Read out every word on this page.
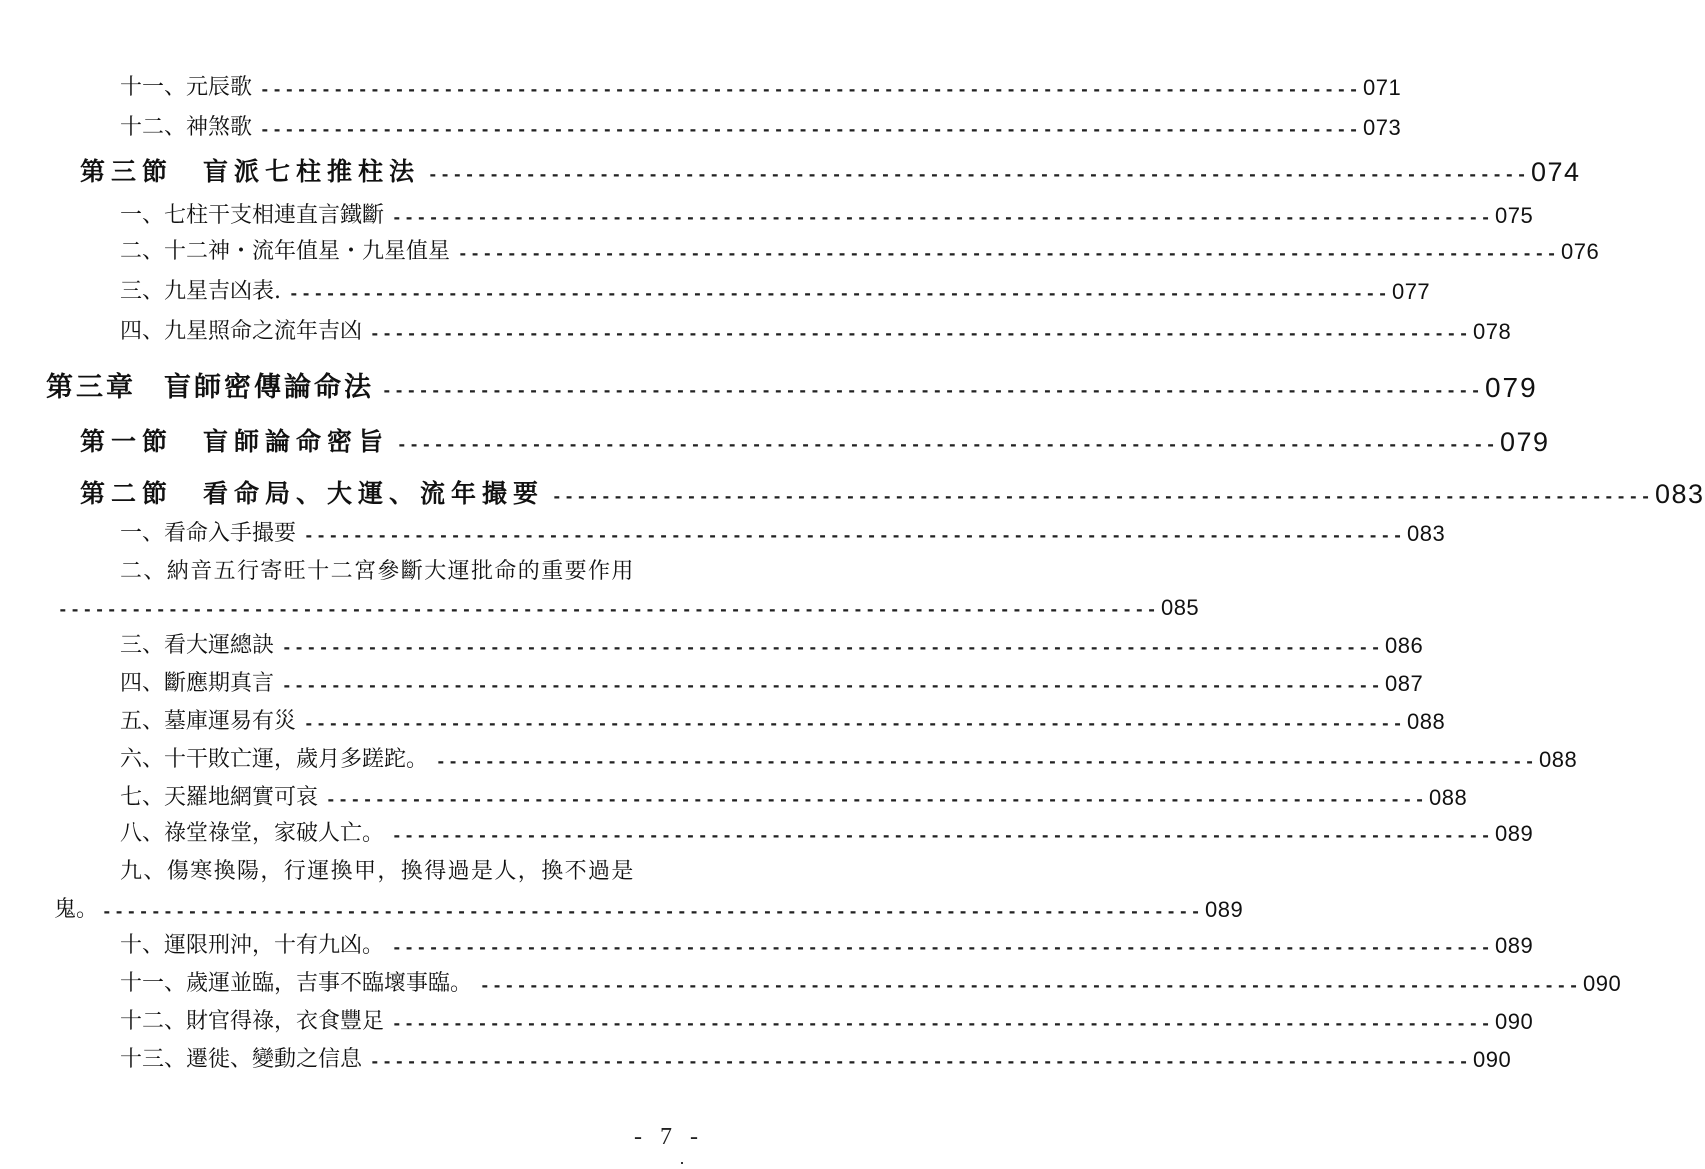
十一、元辰歌 ------------------------------------------------------------------------------------------ 071
十二、神煞歌 ------------------------------------------------------------------------------------------ 073
第三節 盲派七柱推柱法 ------------------------------------------------------------------------------------------ 074
一、七柱干支相連直言鐵斷 ------------------------------------------------------------------------------------------ 075
二、十二神・流年值星・九星值星 ------------------------------------------------------------------------------------------ 076
三、九星吉凶表. ------------------------------------------------------------------------------------------ 077
四、九星照命之流年吉凶 ------------------------------------------------------------------------------------------ 078
第三章 盲師密傳論命法 ------------------------------------------------------------------------------------------ 079
第一節 盲師論命密旨 ------------------------------------------------------------------------------------------ 079
第二節 看命局、大運、流年撮要 ------------------------------------------------------------------------------------------ 083
一、看命入手撮要 ------------------------------------------------------------------------------------------ 083
二、納音五行寄旺十二宮參斷大運批命的重要作用
------------------------------------------------------------------------------------------ 085
三、看大運總訣 ------------------------------------------------------------------------------------------ 086
四、斷應期真言 ------------------------------------------------------------------------------------------ 087
五、墓庫運易有災 ------------------------------------------------------------------------------------------ 088
六、十干敗亡運，歲月多蹉跎。 ------------------------------------------------------------------------------------------ 088
七、天羅地網實可哀 ------------------------------------------------------------------------------------------ 088
八、祿堂祿堂，家破人亡。 ------------------------------------------------------------------------------------------ 089
九、傷寒換陽，行運換甲，換得過是人，換不過是
鬼。 ------------------------------------------------------------------------------------------ 089
十、運限刑沖，十有九凶。 ------------------------------------------------------------------------------------------ 089
十一、歲運並臨，吉事不臨壞事臨。 ------------------------------------------------------------------------------------------ 090
十二、財官得祿，衣食豐足 ------------------------------------------------------------------------------------------ 090
十三、遷徙、變動之信息 ------------------------------------------------------------------------------------------ 090
- 7 -
